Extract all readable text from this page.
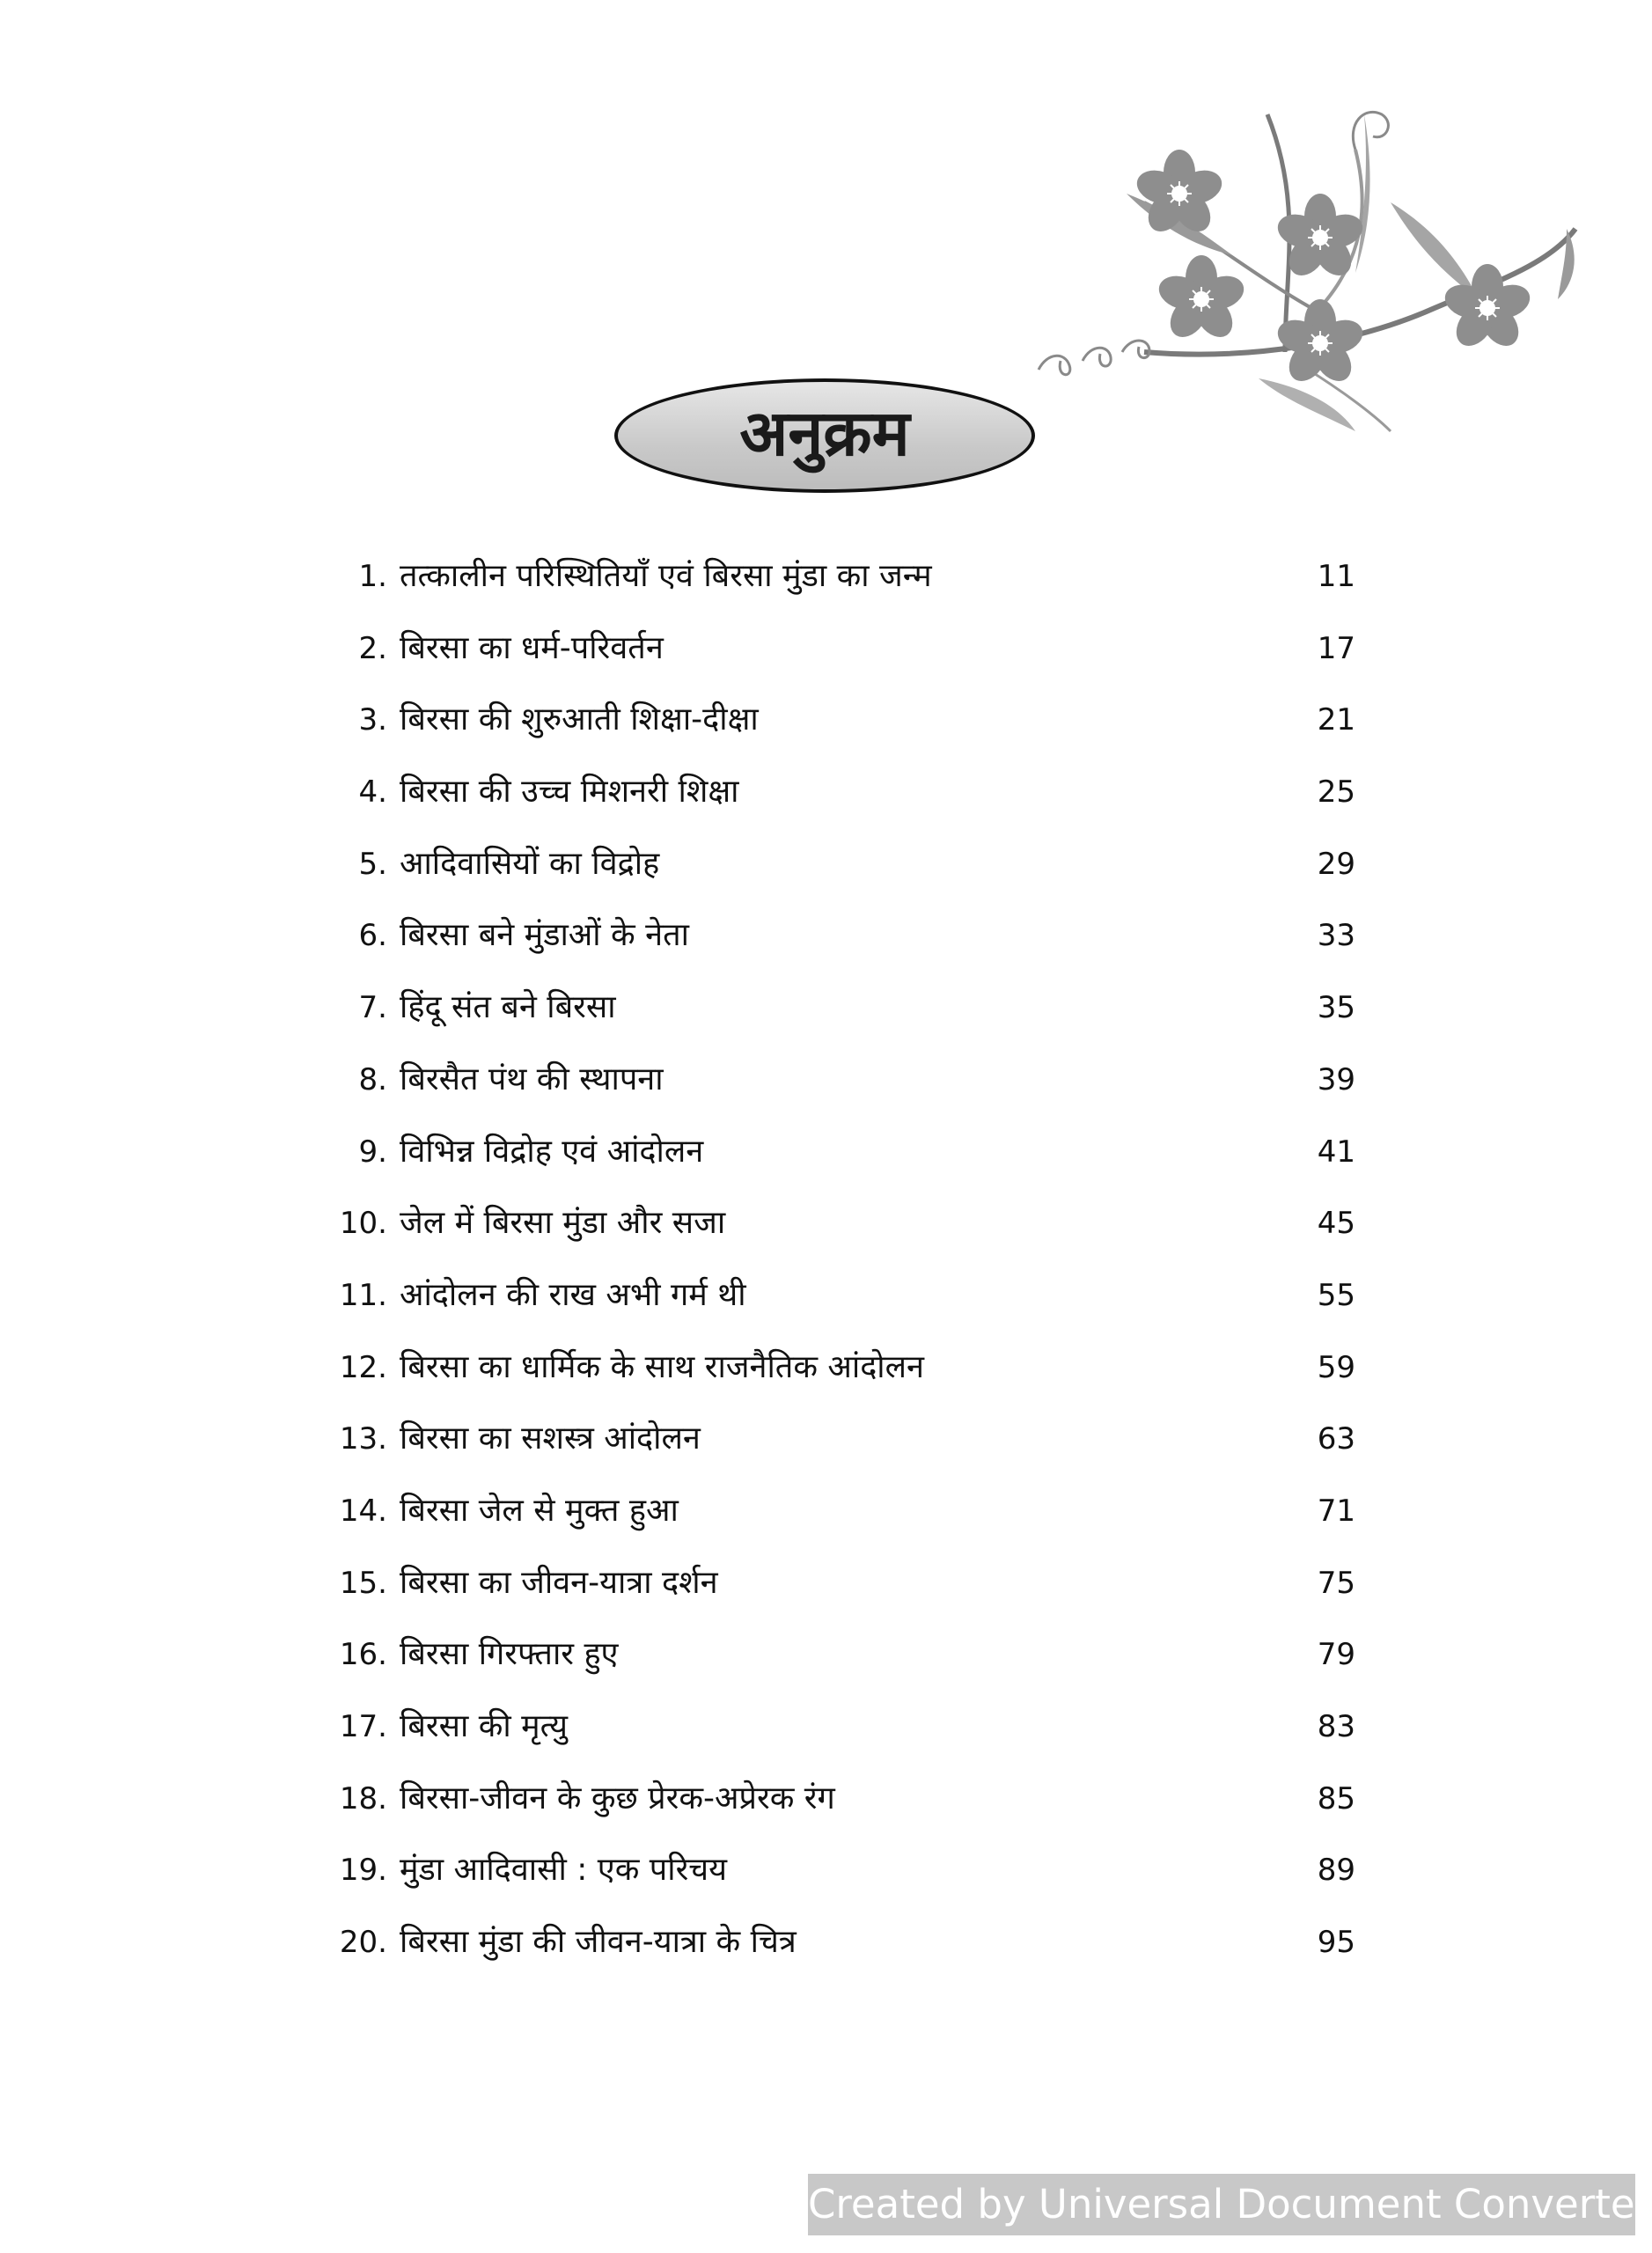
अनुक्रम
1. तत्कालीन परिस्थितियाँ एवं बिरसा मुंडा का जन्म	11
2. बिरसा का धर्म-परिवर्तन	17
3. बिरसा की शुरुआती शिक्षा-दीक्षा	21
4. बिरसा की उच्च मिशनरी शिक्षा	25
5. आदिवासियों का विद्रोह	29
6. बिरसा बने मुंडाओं के नेता	33
7. हिंदू संत बने बिरसा	35
8. बिरसैत पंथ की स्थापना	39
9. विभिन्न विद्रोह एवं आंदोलन	41
10. जेल में बिरसा मुंडा और सजा	45
11. आंदोलन की राख अभी गर्म थी	55
12. बिरसा का धार्मिक के साथ राजनैतिक आंदोलन	59
13. बिरसा का सशस्त्र आंदोलन	63
14. बिरसा जेल से मुक्त हुआ	71
15. बिरसा का जीवन-यात्रा दर्शन	75
16. बिरसा गिरफ्तार हुए	79
17. बिरसा की मृत्यु	83
18. बिरसा-जीवन के कुछ प्रेरक-अप्रेरक रंग	85
19. मुंडा आदिवासी : एक परिचय	89
20. बिरसा मुंडा की जीवन-यात्रा के चित्र	95
Created by Universal Document Converter
